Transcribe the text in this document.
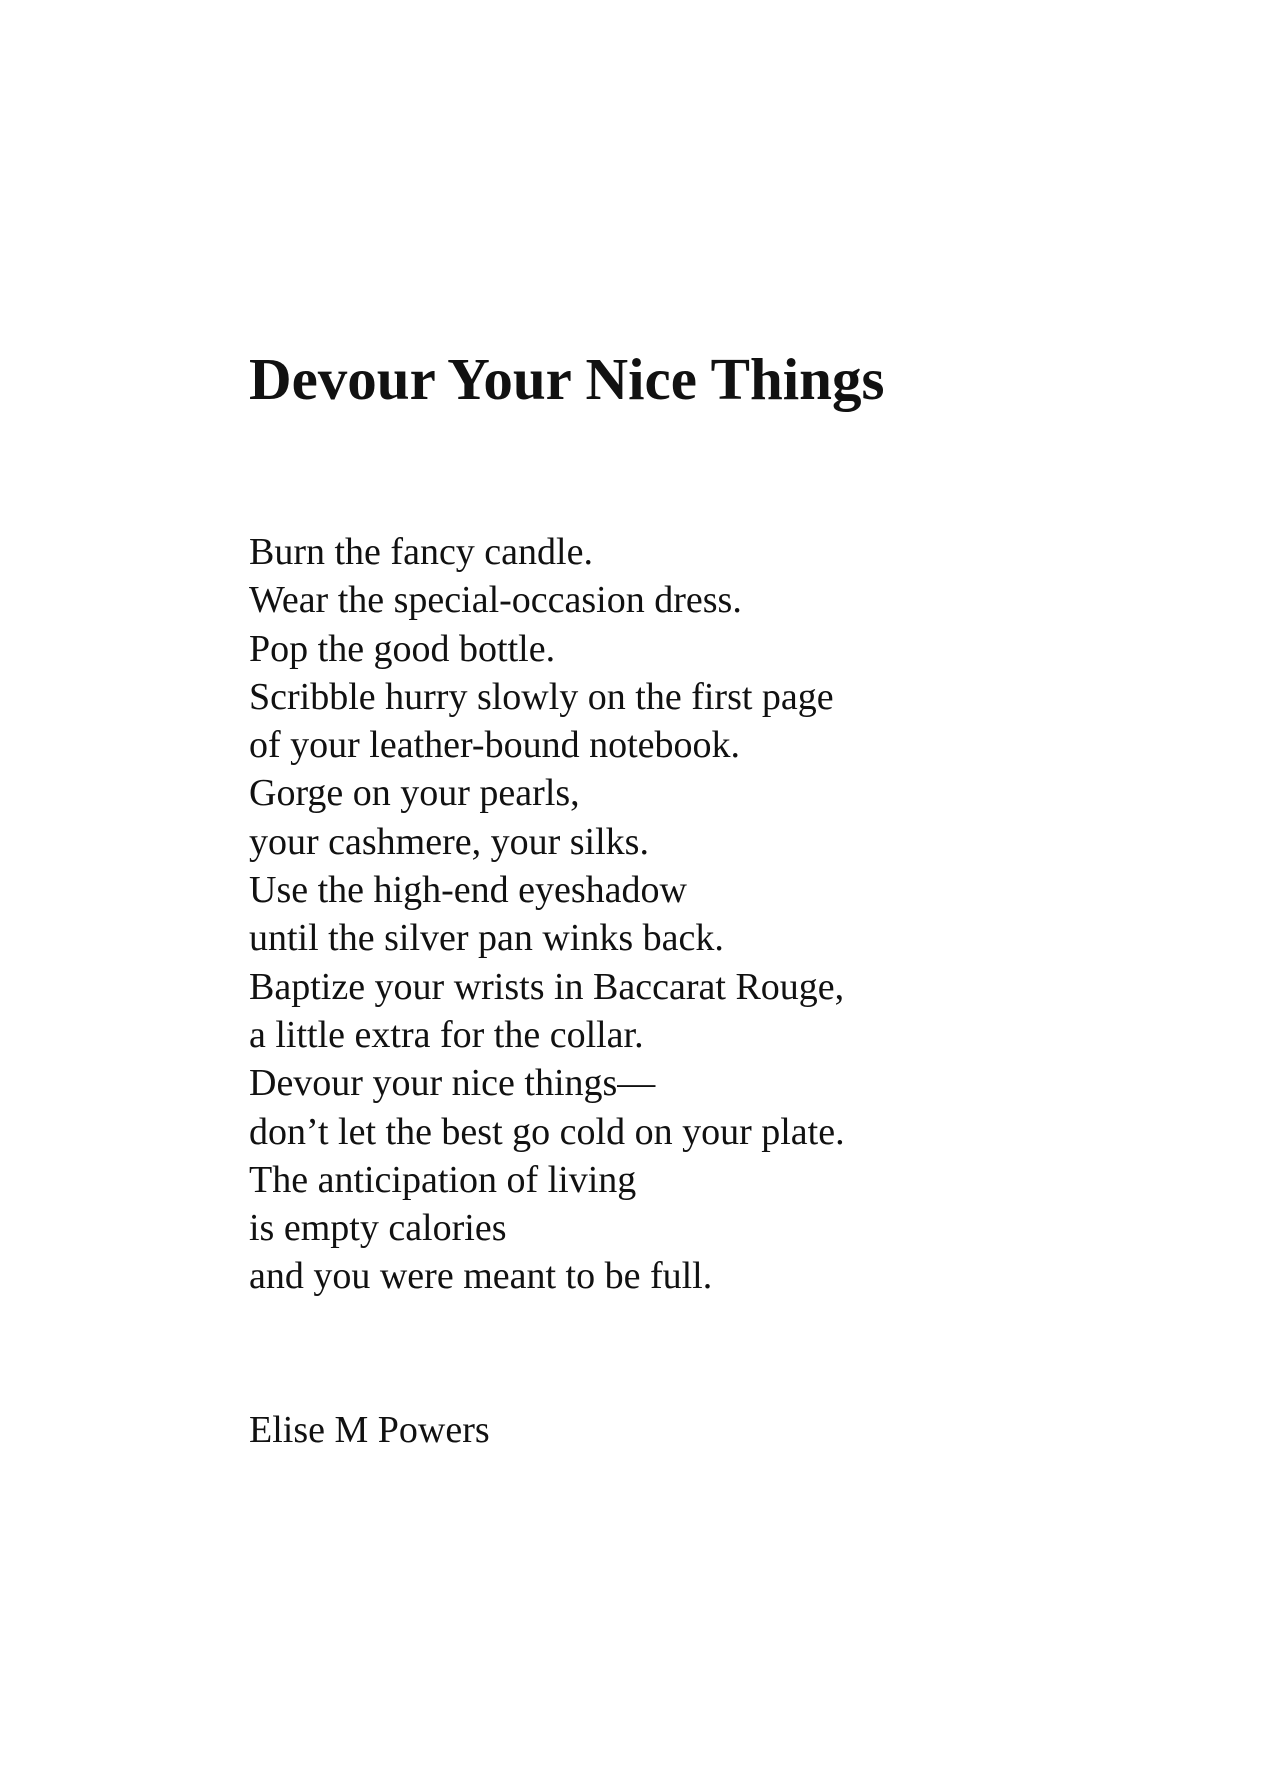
Devour Your Nice Things
Burn the fancy candle.
Wear the special-occasion dress.
Pop the good bottle.
Scribble hurry slowly on the first page
of your leather-bound notebook.
Gorge on your pearls,
your cashmere, your silks.
Use the high-end eyeshadow
until the silver pan winks back.
Baptize your wrists in Baccarat Rouge,
a little extra for the collar.
Devour your nice things—
don’t let the best go cold on your plate.
The anticipation of living
is empty calories
and you were meant to be full.

Elise M Powers
